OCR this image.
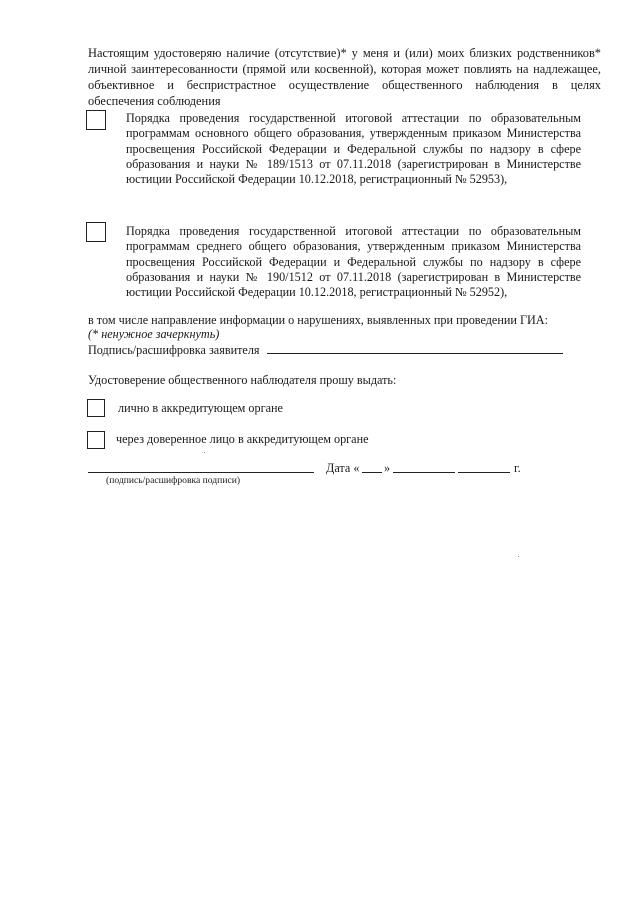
Настоящим удостоверяю наличие (отсутствие)* у меня и (или) моих близких родственников* личной заинтересованности (прямой или косвенной), которая может повлиять на надлежащее, объективное и беспристрастное осуществление общественного наблюдения в целях обеспечения соблюдения

Порядка проведения государственной итоговой аттестации по образовательным программам основного общего образования, утвержденным приказом Министерства просвещения Российской Федерации и Федеральной службы по надзору в сфере образования и науки № 189/1513 от 07.11.2018 (зарегистрирован в Министерстве юстиции Российской Федерации 10.12.2018, регистрационный № 52953),

Порядка проведения государственной итоговой аттестации по образовательным программам среднего общего образования, утвержденным приказом Министерства просвещения Российской Федерации и Федеральной службы по надзору в сфере образования и науки № 190/1512 от 07.11.2018 (зарегистрирован в Министерстве юстиции Российской Федерации 10.12.2018, регистрационный № 52952),

в том числе направление информации о нарушениях, выявленных при проведении ГИА:

(* ненужное зачеркнуть)

Подпись/расшифровка заявителя

Удостоверение общественного наблюдателя прошу выдать:

лично в аккредитующем органе

через доверенное лицо в аккредитующем органе

Дата « »	г.

(подпись/расшифровка подписи)
